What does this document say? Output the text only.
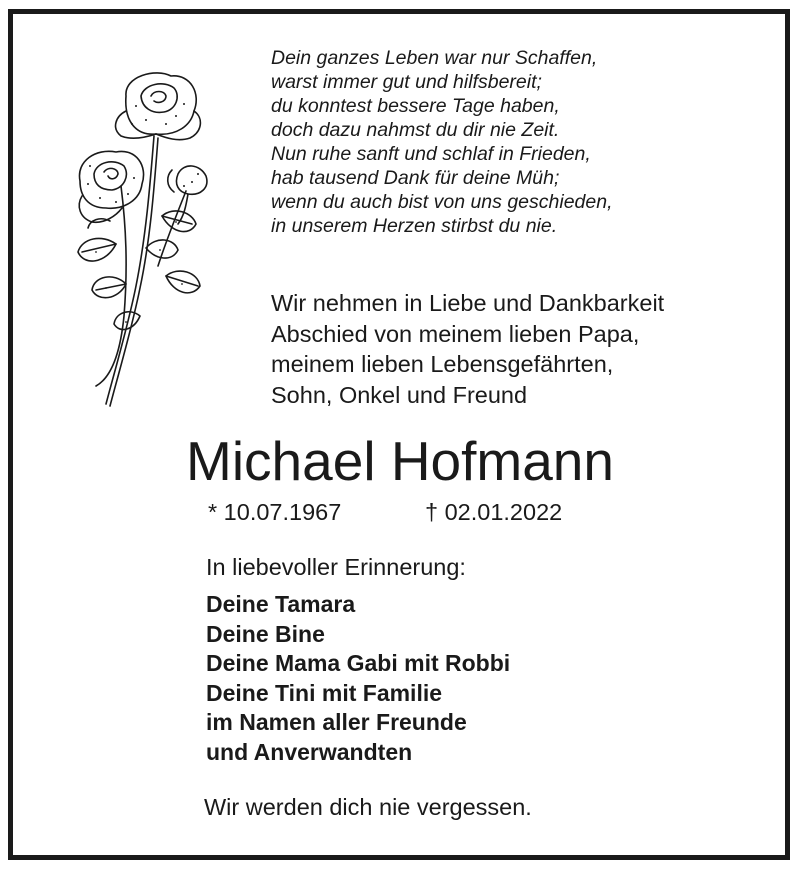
Dein ganzes Leben war nur Schaffen,
warst immer gut und hilfsbereit;
du konntest bessere Tage haben,
doch dazu nahmst du dir nie Zeit.
Nun ruhe sanft und schlaf in Frieden,
hab tausend Dank für deine Müh;
wenn du auch bist von uns geschieden,
in unserem Herzen stirbst du nie.
Wir nehmen in Liebe und Dankbarkeit
Abschied von meinem lieben Papa,
meinem lieben Lebensgefährten,
Sohn, Onkel und Freund
Michael Hofmann
* 10.07.1967	† 02.01.2022
In liebevoller Erinnerung:
Deine Tamara
Deine Bine
Deine Mama Gabi mit Robbi
Deine Tini mit Familie
im Namen aller Freunde
und Anverwandten
Wir werden dich nie vergessen.
